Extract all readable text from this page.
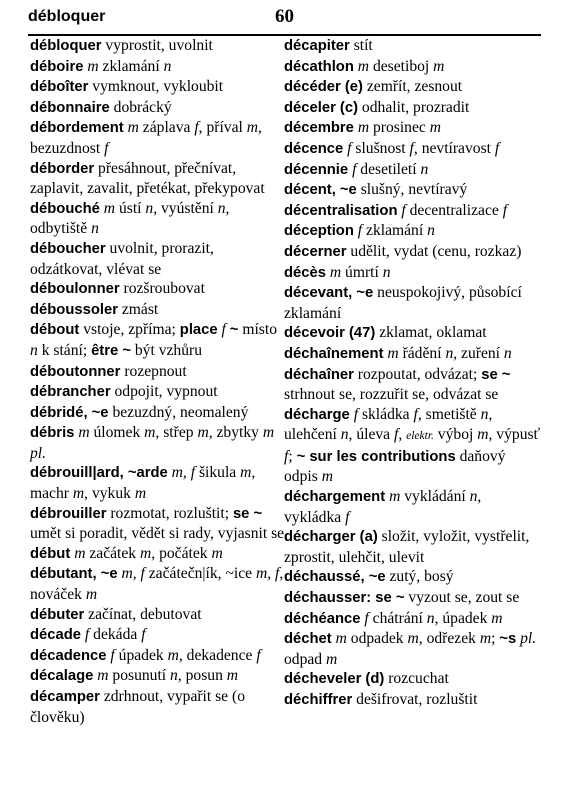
débloquer	60
débloquer vyprostit, uvolnit
déboire m zklamání n
déboîter vymknout, vykloubit
débonnaire dobrácký
débordement m záplava f, příval m, bezuzdnost f
déborder přesáhnout, přečnívat, zaplavit, zavalit, přetékat, překypovat
débouché m ústí n, vyústění n, odbytiště n
déboucher uvolnit, prorazit, odzátkovat, vlévat se
déboulonner rozšroubovat
déboussoler zmást
débout vstoje, zpříma; place f ~ místo n k stání; être ~ být vzhůru
déboutonner rozepnout
débrancher odpojit, vypnout
débridé, ~e bezuzdný, neomalený
débris m úlomek m, střep m, zbytky m pl.
débrouill|ard, ~arde m, f šikula m, machr m, vykuk m
débrouiller rozmotat, rozluštit; se ~ umět si poradit, vědět si rady, vyjasnit se
début m začátek m, počátek m
débutant, ~e m, f začátečn|ík, ~ice m, f, nováček m
débuter začínat, debutovat
décade f dekáda f
décadence f úpadek m, dekadence f
décalage m posunutí n, posun m
décamper zdrhnout, vypařit se (o člověku)
décapiter stít
décathlon m desetiboj m
décéder (e) zemřít, zesnout
déceler (c) odhalit, prozradit
décembre m prosinec m
décence f slušnost f, nevtíravost f
décennie f desetiletí n
décent, ~e slušný, nevtíravý
décentralisation f decentralizace f
déception f zklamání n
décerner udělit, vydat (cenu, rozkaz)
décès m úmrtí n
décevant, ~e neuspokojivý, působící zklamání
décevoir (47) zklamat, oklamat
déchaînement m řádění n, zuření n
déchaîner rozpoutat, odvázat; se ~ strhnout se, rozzuřit se, odvázat se
décharge f skládka f, smetiště n, ulehčení n, úleva f, elektr. výboj m, výpusť f; ~ sur les contributions daňový odpis m
déchargement m vykládání n, vykládka f
décharger (a) složit, vyložit, vystřelit, zprostit, ulehčit, ulevit
déchaussé, ~e zutý, bosý
déchausser: se ~ vyzout se, zout se
déchéance f chátrání n, úpadek m
déchet m odpadek m, odřezek m; ~s pl. odpad m
décheveler (d) rozcuchat
déchiffrer dešifrovat, rozluštit
